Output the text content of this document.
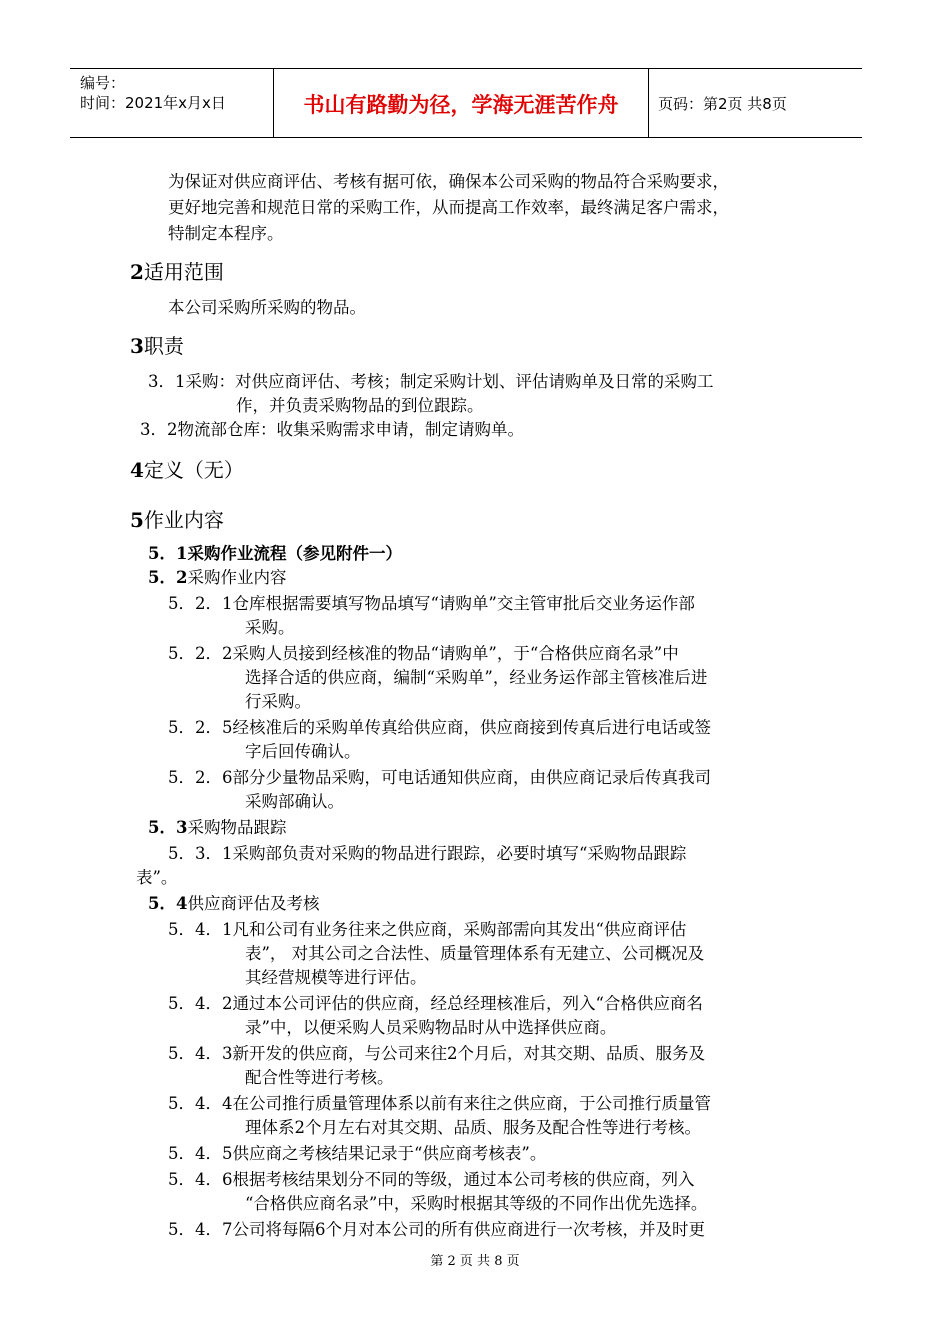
编号：
时间：2021年x月x日	书山有路勤为径，学海无涯苦作舟	页码：第2页 共8页
为保证对供应商评估、考核有据可依，确保本公司采购的物品符合采购要求，
更好地完善和规范日常的采购工作，从而提高工作效率，最终满足客户需求，
特制定本程序。
2适用范围
本公司采购所采购的物品。
3职责
3．1采购：对供应商评估、考核；制定采购计划、评估请购单及日常的采购工
作，并负责采购物品的到位跟踪。
3．2物流部仓库：收集采购需求申请，制定请购单。
4定义（无）
5作业内容
5．1采购作业流程（参见附件一）
5．2采购作业内容
5．2．1仓库根据需要填写物品填写“请购单”交主管审批后交业务运作部
采购。
5．2．2采购人员接到经核准的物品“请购单”，于“合格供应商名录”中
选择合适的供应商，编制“采购单”，经业务运作部主管核准后进
行采购。
5．2．5经核准后的采购单传真给供应商，供应商接到传真后进行电话或签
字后回传确认。
5．2．6部分少量物品采购，可电话通知供应商，由供应商记录后传真我司
采购部确认。
5．3采购物品跟踪
5．3．1采购部负责对采购的物品进行跟踪，必要时填写“采购物品跟踪
表”。
5．4供应商评估及考核
5．4．1凡和公司有业务往来之供应商，采购部需向其发出“供应商评估
表”， 对其公司之合法性、质量管理体系有无建立、公司概况及
其经营规模等进行评估。
5．4．2通过本公司评估的供应商，经总经理核准后，列入“合格供应商名
录”中，以便采购人员采购物品时从中选择供应商。
5．4．3新开发的供应商，与公司来往2个月后，对其交期、品质、服务及
配合性等进行考核。
5．4．4在公司推行质量管理体系以前有来往之供应商，于公司推行质量管
理体系2个月左右对其交期、品质、服务及配合性等进行考核。
5．4．5供应商之考核结果记录于“供应商考核表”。
5．4．6根据考核结果划分不同的等级，通过本公司考核的供应商，列入
“合格供应商名录”中，采购时根据其等级的不同作出优先选择。
5．4．7公司将每隔6个月对本公司的所有供应商进行一次考核，并及时更
第 2 页 共 8 页
